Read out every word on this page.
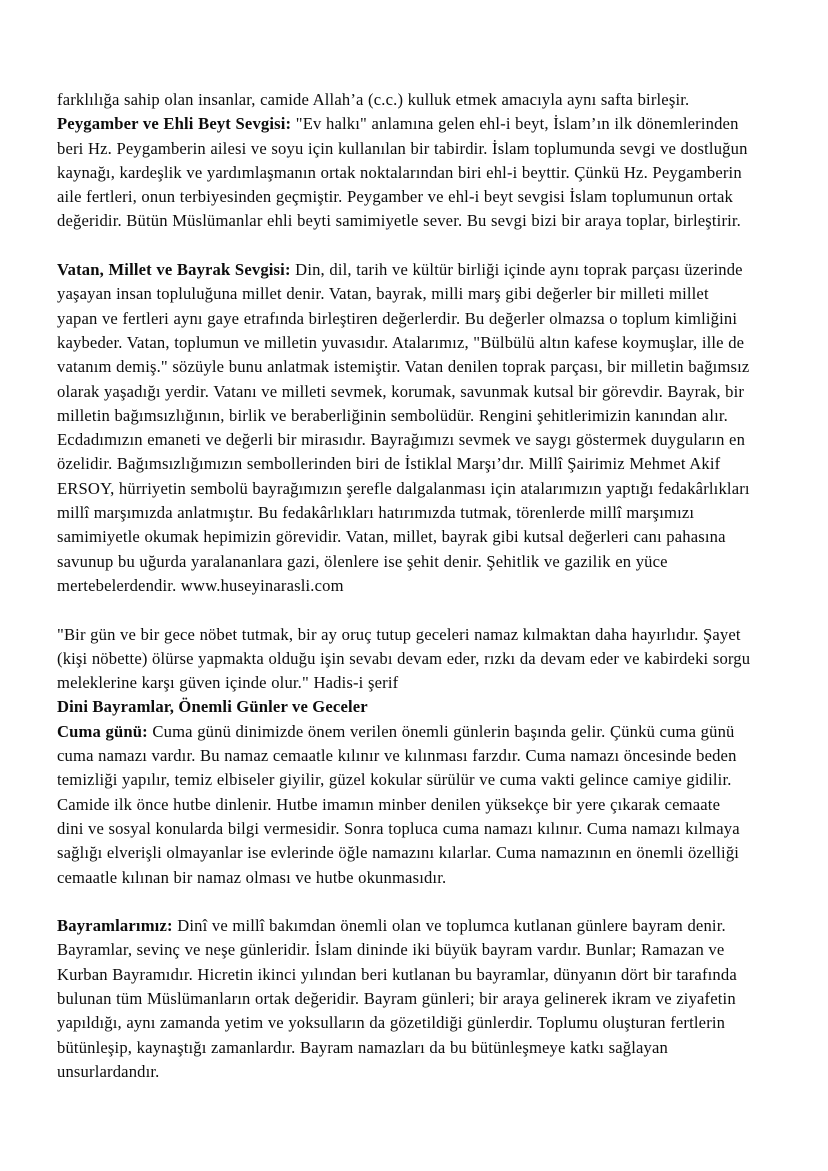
farklılığa sahip olan insanlar, camide Allah’a (c.c.) kulluk etmek amacıyla aynı safta birleşir.

Peygamber ve Ehli Beyt Sevgisi: "Ev halkı" anlamına gelen ehl-i beyt, İslam’ın ilk dönemlerinden beri Hz. Peygamberin ailesi ve soyu için kullanılan bir tabirdir. İslam toplumunda sevgi ve dostluğun kaynağı, kardeşlik ve yardımlaşmanın ortak noktalarından biri ehl-i beyttir. Çünkü Hz. Peygamberin aile fertleri, onun terbiyesinden geçmiştir. Peygamber ve ehl-i beyt sevgisi İslam toplumunun ortak değeridir. Bütün Müslümanlar ehli beyti samimiyetle sever. Bu sevgi bizi bir araya toplar, birleştirir.

Vatan, Millet ve Bayrak Sevgisi: Din, dil, tarih ve kültür birliği içinde aynı toprak parçası üzerinde yaşayan insan topluluğuna millet denir. Vatan, bayrak, milli marş gibi değerler bir milleti millet yapan ve fertleri aynı gaye etrafında birleştiren değerlerdir. Bu değerler olmazsa o toplum kimliğini kaybeder. Vatan, toplumun ve milletin yuvasıdır. Atalarımız, "Bülbülü altın kafese koymuşlar, ille de vatanım demiş." sözüyle bunu anlatmak istemiştir. Vatan denilen toprak parçası, bir milletin bağımsız olarak yaşadığı yerdir. Vatanı ve milleti sevmek, korumak, savunmak kutsal bir görevdir. Bayrak, bir milletin bağımsızlığının, birlik ve beraberliğinin sembolüdür. Rengini şehitlerimizin kanından alır. Ecdadımızın emaneti ve değerli bir mirasıdır. Bayrağımızı sevmek ve saygı göstermek duyguların en özelidir. Bağımsızlığımızın sembollerinden biri de İstiklal Marşı’dır. Millî Şairimiz Mehmet Akif ERSOY, hürriyetin sembolü bayrağımızın şerefle dalgalanması için atalarımızın yaptığı fedakârlıkları millî marşımızda anlatmıştır. Bu fedakârlıkları hatırımızda tutmak, törenlerde millî marşımızı samimiyetle okumak hepimizin görevidir. Vatan, millet, bayrak gibi kutsal değerleri canı pahasına savunup bu uğurda yaralananlara gazi, ölenlere ise şehit denir. Şehitlik ve gazilik en yüce mertebelerdendir. www.huseyinarasli.com

"Bir gün ve bir gece nöbet tutmak, bir ay oruç tutup geceleri namaz kılmaktan daha hayırlıdır. Şayet (kişi nöbette) ölürse yapmakta olduğu işin sevabı devam eder, rızkı da devam eder ve kabirdeki sorgu meleklerine karşı güven içinde olur." Hadis-i şerif

Dini Bayramlar, Önemli Günler ve Geceler

Cuma günü: Cuma günü dinimizde önem verilen önemli günlerin başında gelir. Çünkü cuma günü cuma namazı vardır. Bu namaz cemaatle kılınır ve kılınması farzdır. Cuma namazı öncesinde beden temizliği yapılır, temiz elbiseler giyilir, güzel kokular sürülür ve cuma vakti gelince camiye gidilir. Camide ilk önce hutbe dinlenir. Hutbe imamın minber denilen yüksekçe bir yere çıkarak cemaate dini ve sosyal konularda bilgi vermesidir. Sonra topluca cuma namazı kılınır. Cuma namazı kılmaya sağlığı elverişli olmayanlar ise evlerinde öğle namazını kılarlar. Cuma namazının en önemli özelliği cemaatle kılınan bir namaz olması ve hutbe okunmasıdır.

Bayramlarımız: Dinî ve millî bakımdan önemli olan ve toplumca kutlanan günlere bayram denir. Bayramlar, sevinç ve neşe günleridir. İslam dininde iki büyük bayram vardır. Bunlar; Ramazan ve Kurban Bayramıdır. Hicretin ikinci yılından beri kutlanan bu bayramlar, dünyanın dört bir tarafında bulunan tüm Müslümanların ortak değeridir. Bayram günleri; bir araya gelinerek ikram ve ziyafetin yapıldığı, aynı zamanda yetim ve yoksulların da gözetildiği günlerdir. Toplumu oluşturan fertlerin bütünleşip, kaynaştığı zamanlardır. Bayram namazları da bu bütünleşmeye katkı sağlayan unsurlardandır.
